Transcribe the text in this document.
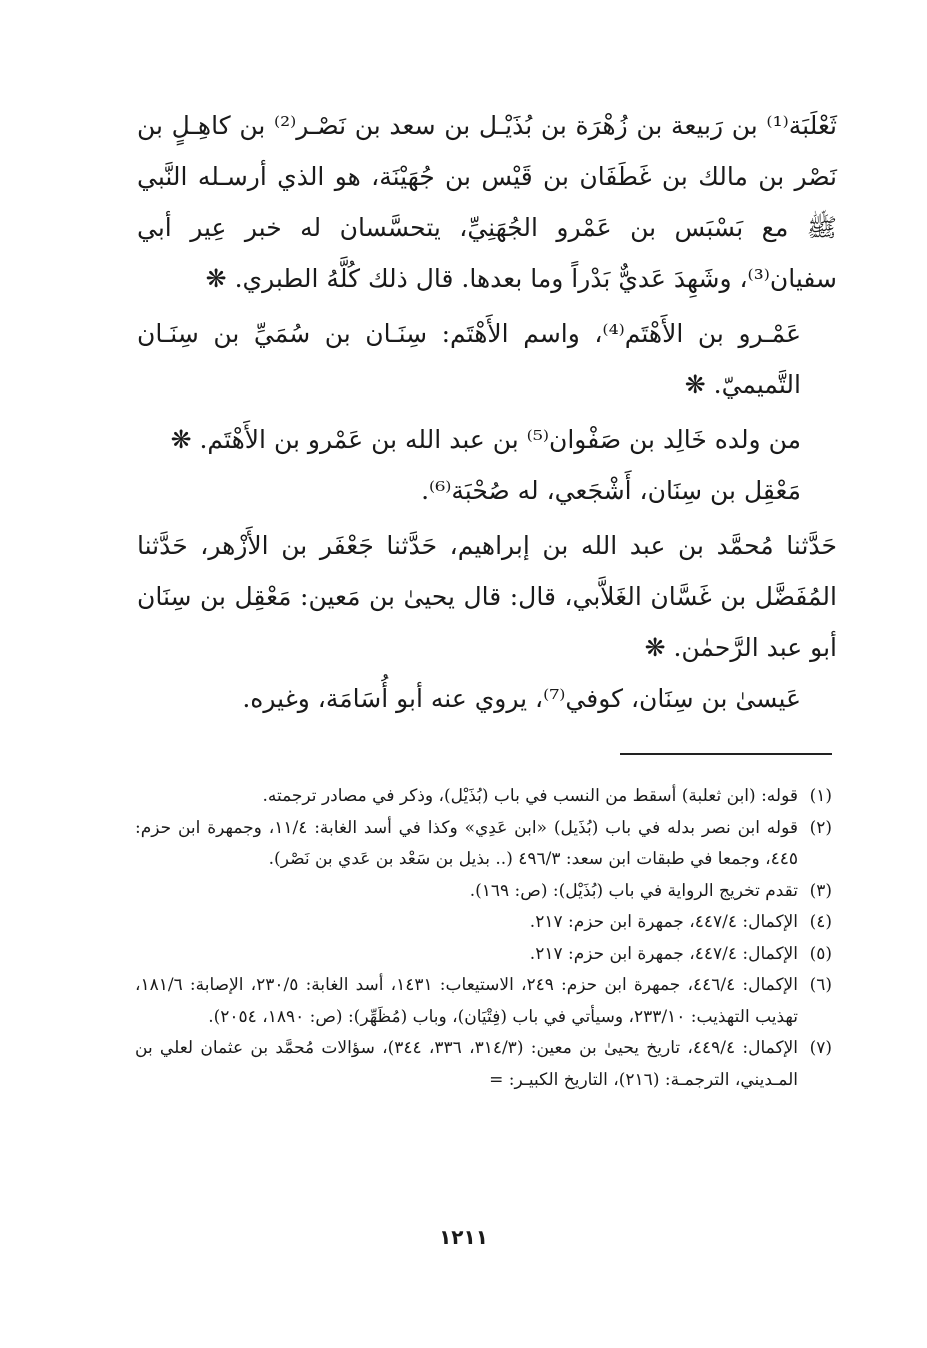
ثَعْلَبَة⁽¹⁾ بن رَبيعة بن زُهْرَة بن بُذَيْـل بن سعد بن نَصْـر⁽²⁾ بن كاهِـلٍ بن نَصْر بن مالك بن غَطَفَان بن قَيْس بن جُهَيْنَة، هو الذي أرسـله النَّبي ﷺ مع بَسْبَس بن عَمْرو الجُهَنِيِّ، يتحسَّسان له خبر عِير أبي سفيان⁽³⁾، وشَهِدَ عَديٌّ بَدْراً وما بعدها. قال ذلك كُلَّهُ الطبري. ❋

عَمْـرو بن الأَهْتَم⁽⁴⁾، واسم الأَهْتَم: سِنَـان بن سُمَيِّ بن سِنَـان التَّميميّ. ❋

من ولده خَالِد بن صَفْوان⁽⁵⁾ بن عبد الله بن عَمْرو بن الأَهْتَم. ❋

مَعْقِل بن سِنَان، أَشْجَعي، له صُحْبَة⁽⁶⁾.

حَدَّثنا مُحمَّد بن عبد الله بن إبراهيم، حَدَّثنا جَعْفَر بن الأَزْهر، حَدَّثنا المُفَضَّل بن غَسَّان الغَلاَّبي، قال: قال يحيىٰ بن مَعين: مَعْقِل بن سِنَان أبو عبد الرَّحمٰن. ❋

عَيسىٰ بن سِنَان، كوفي⁽⁷⁾، يروي عنه أبو أُسَامَة، وغيره.

(١)
قوله: (ابن ثعلبة) أسقط من النسب في باب (بُذَيْل)، وذكر في مصادر ترجمته.
(٢)
قوله ابن نصر بدله في باب (بُذَيل) «ابن عَدِي» وكذا في أسد الغابة: ١١/٤، وجمهرة ابن حزم: ٤٤٥، وجمعا في طبقات ابن سعد: ٤٩٦/٣ (.. بذيل بن سَعْد بن عَدي بن نَصْر).
(٣)
تقدم تخريج الرواية في باب (بُذَيْل): (ص: ١٦٩).
(٤)
الإكمال: ٤٤٧/٤، جمهرة ابن حزم: ٢١٧.
(٥)
الإكمال: ٤٤٧/٤، جمهرة ابن حزم: ٢١٧.
(٦)
الإكمال: ٤٤٦/٤، جمهرة ابن حزم: ٢٤٩، الاستيعاب: ١٤٣١، أسد الغابة: ٢٣٠/٥، الإصابة: ١٨١/٦، تهذيب التهذيب: ٢٣٣/١٠، وسيأتي في باب (فِتْيَان)، وباب (مُظَهِّر): (ص: ١٨٩٠، ٢٠٥٤).
(٧)
الإكمال: ٤٤٩/٤، تاريخ يحيىٰ بن معين: (٣١٤/٣، ٣٣٦، ٣٤٤)، سؤالات مُحمَّد بن عثمان لعلي بن المـديني، الترجمـة: (٢١٦)، التاريخ الكبيـر: =
١٢١١
